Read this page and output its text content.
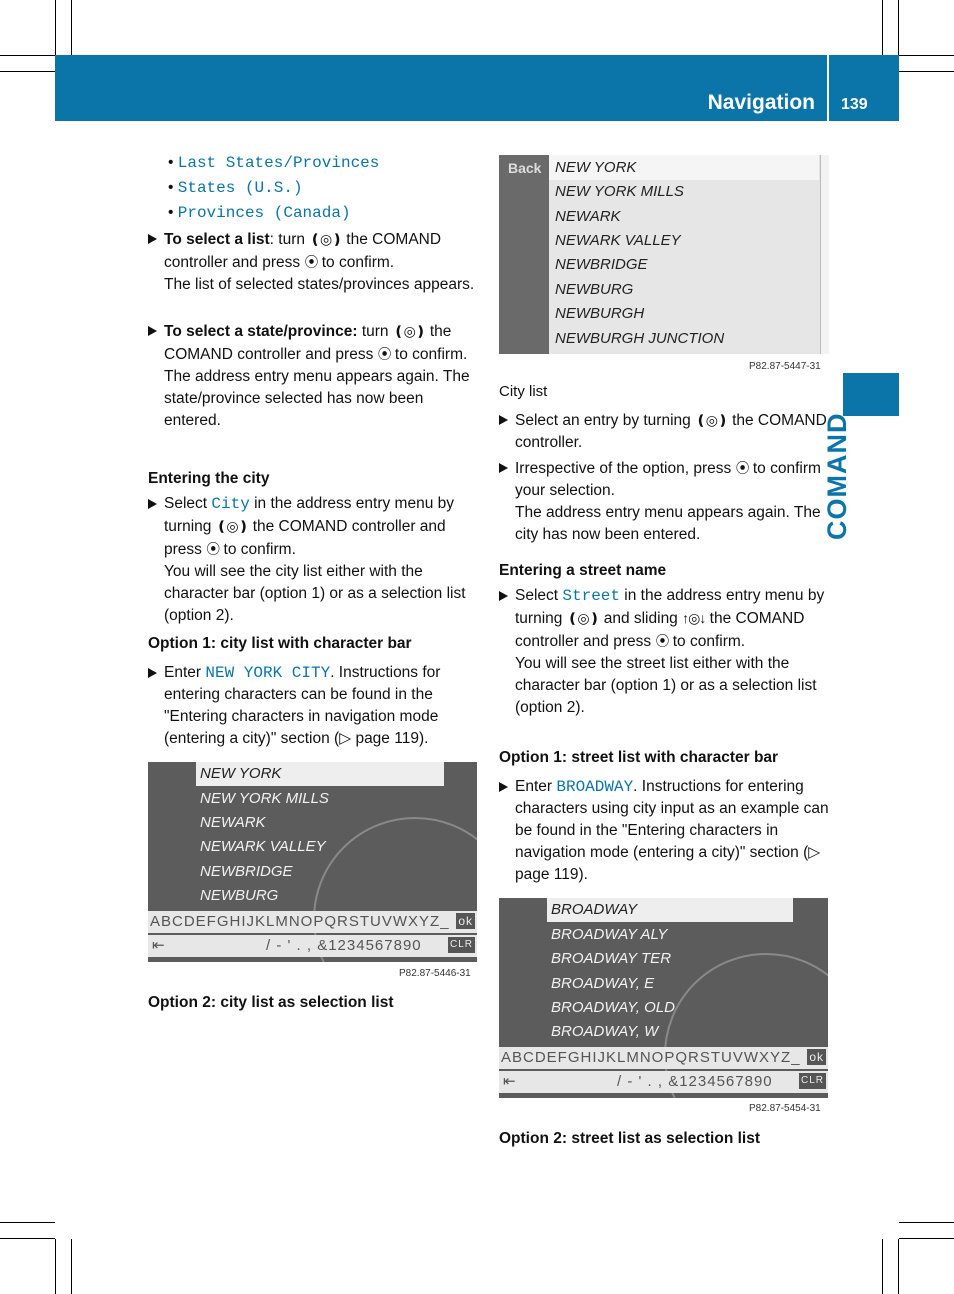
Navigation 139
COMAND
• Last States/Provinces
• States (U.S.)
• Provinces (Canada)
To select a list: turn ❪◎❫ the COMAND controller and press ⦿ to confirm.
The list of selected states/provinces appears.
To select a state/province: turn ❪◎❫ the COMAND controller and press ⦿ to confirm.
The address entry menu appears again. The state/province selected has now been entered.
Entering the city
Select City in the address entry menu by turning ❪◎❫ the COMAND controller and press ⦿ to confirm.
You will see the city list either with the character bar (option 1) or as a selection list (option 2).
Option 1: city list with character bar
Enter NEW YORK CITY. Instructions for entering characters can be found in the "Entering characters in navigation mode (entering a city)" section (▷ page 119).
NEW YORK
NEW YORK MILLS
NEWARK
NEWARK VALLEY
NEWBRIDGE
NEWBURG
ABCDEFGHIJKLMNOPQRSTUVWXYZ_ ok
⇤	/ - ' . , &1234567890	CLR
P82.87-5446-31
Option 2: city list as selection list
Back NEW YORK
NEW YORK MILLS
NEWARK
NEWARK VALLEY
NEWBRIDGE
NEWBURG
NEWBURGH
NEWBURGH JUNCTION
P82.87-5447-31
City list
Select an entry by turning ❪◎❫ the COMAND controller.
Irrespective of the option, press ⦿ to confirm your selection.
The address entry menu appears again. The city has now been entered.
Entering a street name
Select Street in the address entry menu by turning ❪◎❫ and sliding ↑◎↓ the COMAND controller and press ⦿ to confirm.
You will see the street list either with the character bar (option 1) or as a selection list (option 2).
Option 1: street list with character bar
Enter BROADWAY. Instructions for entering characters using city input as an example can be found in the "Entering characters in navigation mode (entering a city)" section (▷ page 119).
BROADWAY
BROADWAY ALY
BROADWAY TER
BROADWAY, E
BROADWAY, OLD
BROADWAY, W
ABCDEFGHIJKLMNOPQRSTUVWXYZ_ ok
⇤	/ - ' . , &1234567890	CLR
P82.87-5454-31
Option 2: street list as selection list
